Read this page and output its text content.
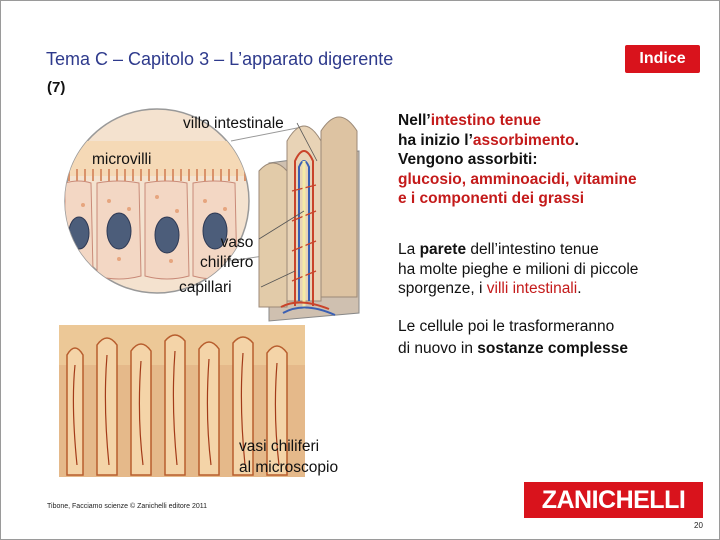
Tema C – Capitolo 3 – L’apparato digerente
(7)
Indice
villo intestinale
microvilli
vaso
chilifero
capillari
vasi chiliferi
al microscopio
Nell’intestino tenue
ha inizio l’assorbimento.
Vengono assorbiti:
glucosio, amminoacidi, vitamine
e i componenti dei grassi
La parete dell’intestino tenue
ha molte pieghe e milioni di piccole
sporgenze, i villi intestinali.
Le cellule poi le trasformeranno
di nuovo in sostanze complesse
Tibone, Facciamo scienze © Zanichelli editore 2011	ZANICHELLI
20
